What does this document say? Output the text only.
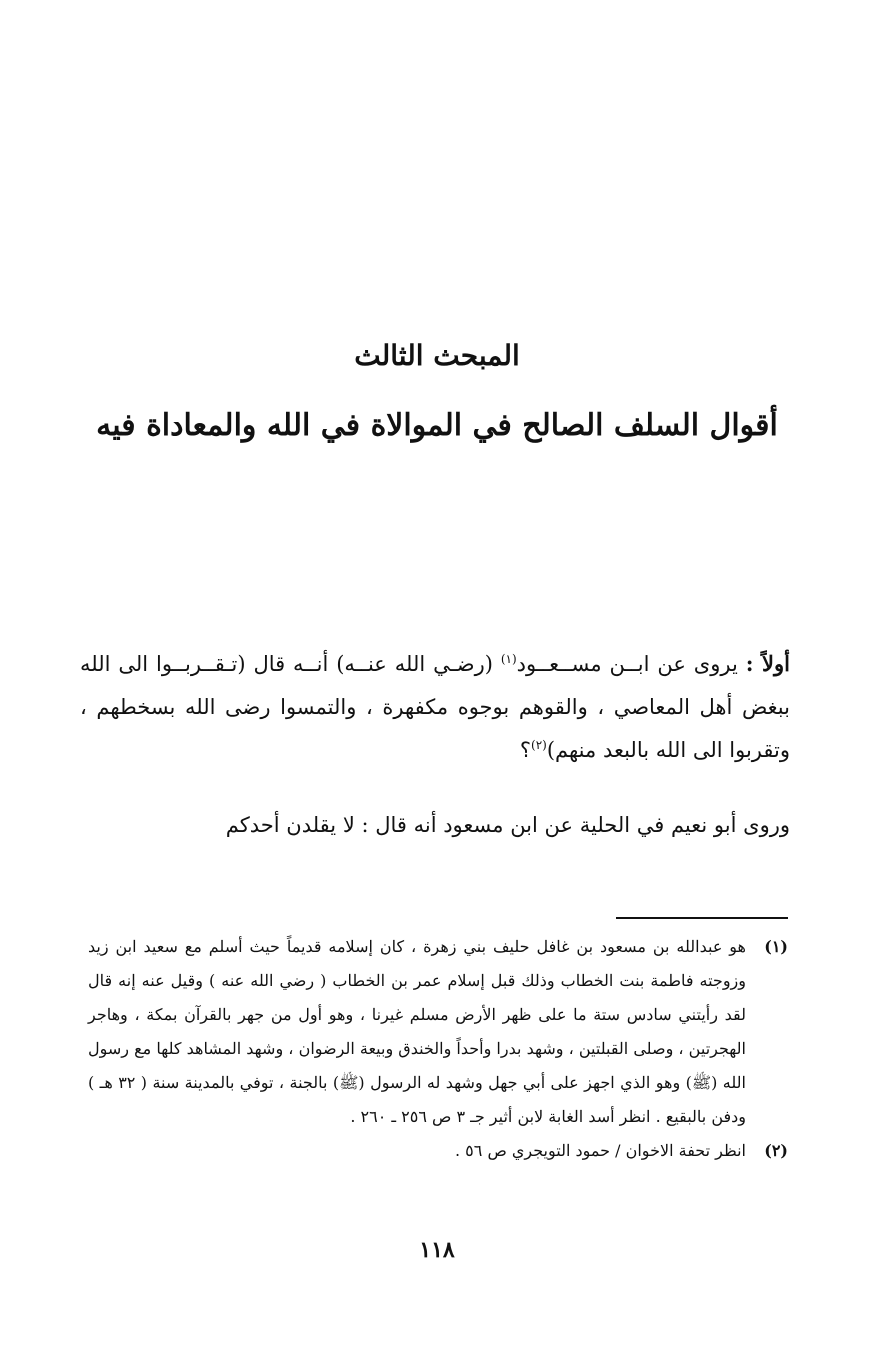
المبحث الثالث
أقوال السلف الصالح في الموالاة في الله والمعاداة فيه
أولاً : يروى عن ابــن مســعــود$^{(١)}$ (رضـي الله عنــه) أنــه قال (تـقــربــوا الى الله ببغض أهل المعاصي ، والقوهم بوجوه مكفهرة ، والتمسوا رضى الله بسخطهم ، وتقربوا الى الله بالبعد منهم)$^{(٢)}$؟
وروى أبو نعيم في الحلية عن ابن مسعود أنه قال : لا يقلدن أحدكم
(١)
هو عبدالله بن مسعود بن غافل حليف بني زهرة ، كان إسلامه قديماً حيث أسلم مع سعيد ابن زيد وزوجته فاطمة بنت الخطاب وذلك قبل إسلام عمر بن الخطاب ( رضي الله عنه ) وقيل عنه إنه قال لقد رأيتني سادس ستة ما على ظهر الأرض مسلم غيرنا ، وهو أول من جهر بالقرآن بمكة ، وهاجر الهجرتين ، وصلى القبلتين ، وشهد بدرا وأحداً والخندق وبيعة الرضوان ، وشهد المشاهد كلها مع رسول الله (ﷺ) وهو الذي اجهز على أبي جهل وشهد له الرسول (ﷺ) بالجنة ، توفي بالمدينة سنة ( ٣٢ هـ ) ودفن بالبقيع . انظر أسد الغابة لابن أثير جـ ٣ ص ٢٥٦ ـ ٢٦٠ .
(٢)
انظر تحفة الاخوان / حمود التويجري ص ٥٦ .
١١٨
